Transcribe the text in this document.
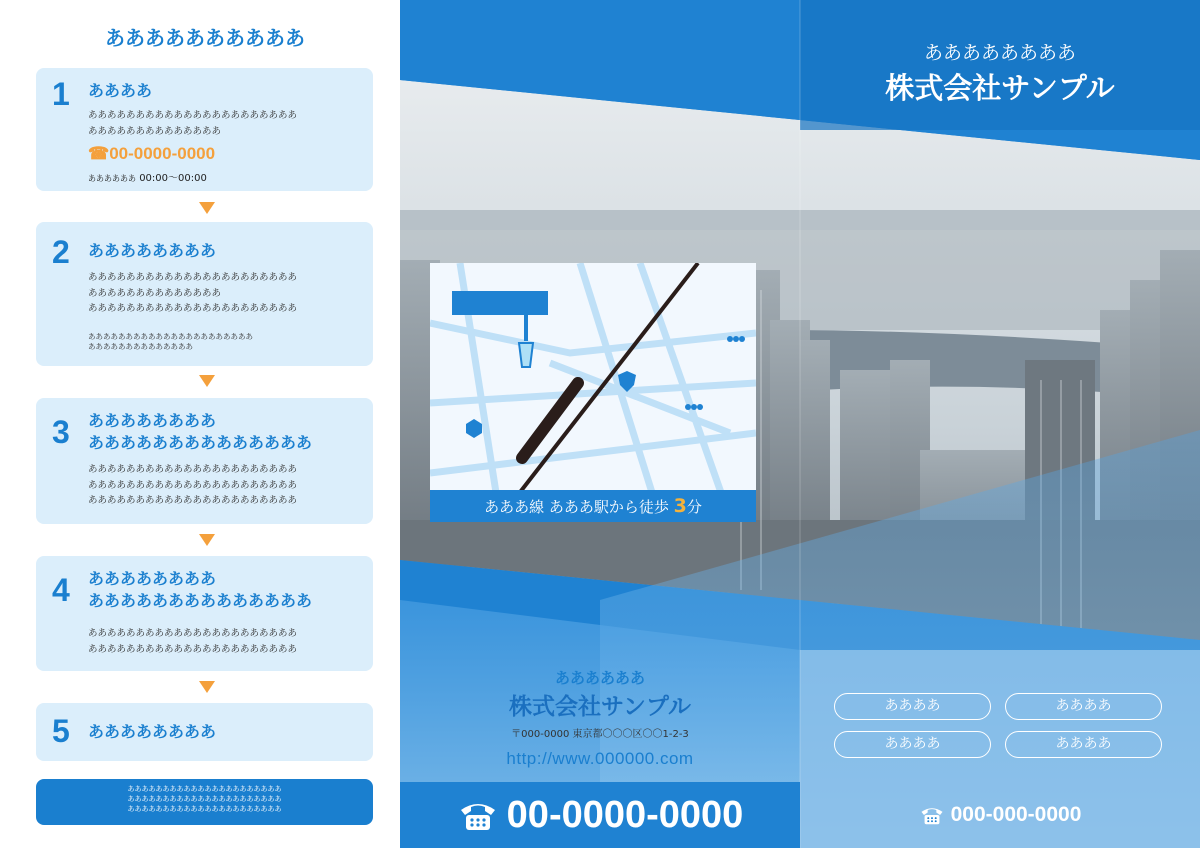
ああああああああああ
1 ああああ
ああああああああああああああああああああああ
ああああああああああああああ
☎00-0000-0000
ああああああ 00:00〜00:00
2 ああああああああ
ああああああああああああああああああああああ
ああああああああああああああ
ああああああああああああああああああああああ
ああああああああああああああああああああああ
ああああああああああああああ
3 ああああああああ
ああああああああああああああ
ああああああああああああああああああああああ
ああああああああああああああああああああああ
ああああああああああああああああああああああ
4 ああああああああ
ああああああああああああああ
ああああああああああああああああああああああ
ああああああああああああああああああああああ
5 ああああああああ
ああああああああああああああああああああああ
ああああああああああああああああああああああ
ああああああああああああああああああああああ
あああ線 あああ駅から徒歩 3分
ああああああ
株式会社サンプル
〒000-0000 東京都〇〇〇区〇〇1-2-3
http://www.000000.com
00-0000-0000
ああああああああ
株式会社サンプル
ああああ	ああああ
ああああ	ああああ
000-000-0000
